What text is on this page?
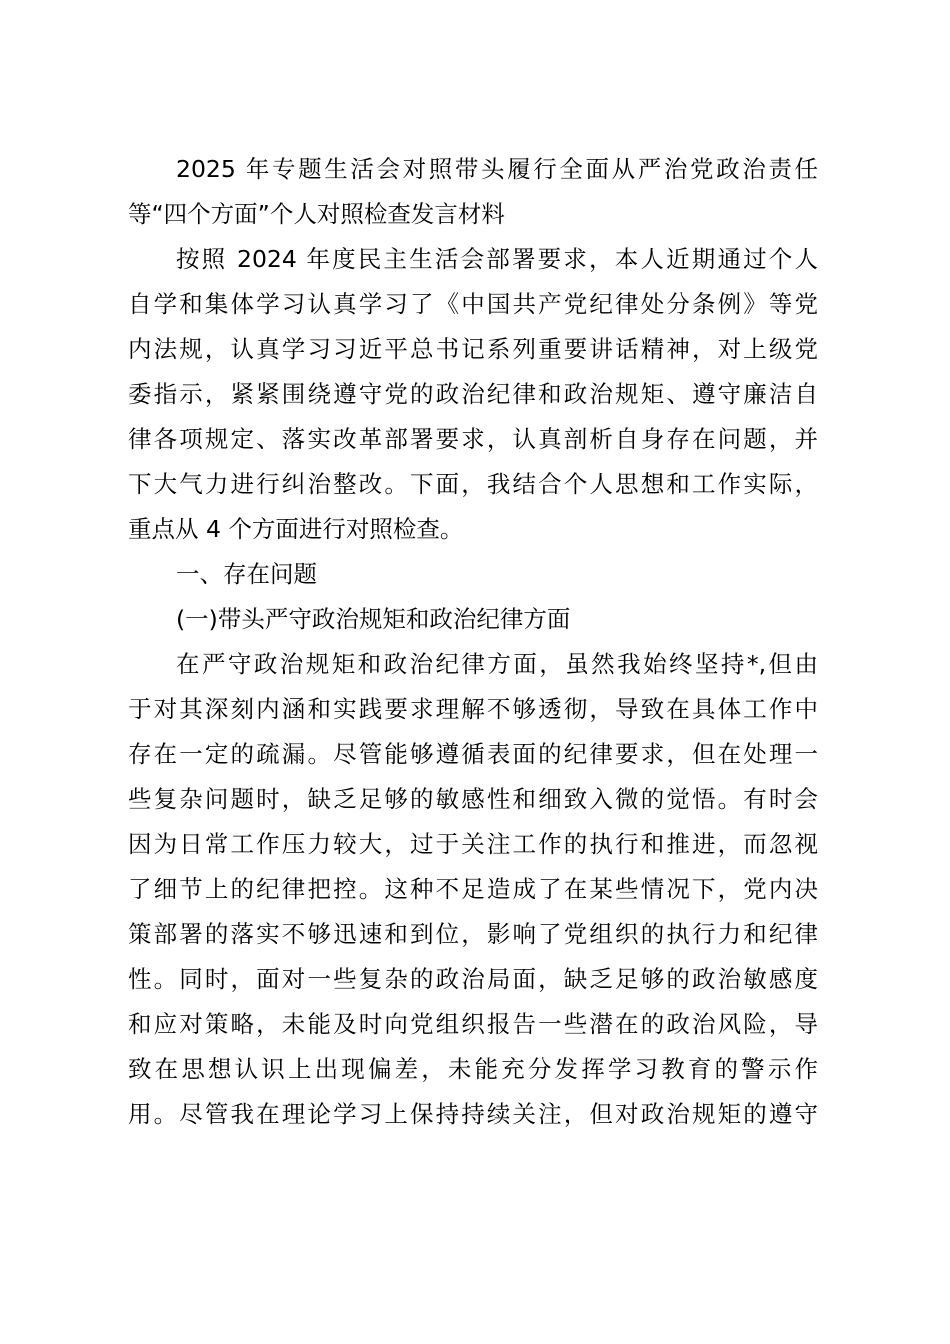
2025 年专题生活会对照带头履行全面从严治党政治责任
等“四个方面”个人对照检查发言材料
按照 2024 年度民主生活会部署要求，本人近期通过个人
自学和集体学习认真学习了《中国共产党纪律处分条例》等党
内法规，认真学习习近平总书记系列重要讲话精神，对上级党
委指示，紧紧围绕遵守党的政治纪律和政治规矩、遵守廉洁自
律各项规定、落实改革部署要求，认真剖析自身存在问题，并
下大气力进行纠治整改。下面，我结合个人思想和工作实际，
重点从 4 个方面进行对照检查。
一、存在问题
(一)带头严守政治规矩和政治纪律方面
在严守政治规矩和政治纪律方面，虽然我始终坚持*,但由
于对其深刻内涵和实践要求理解不够透彻，导致在具体工作中
存在一定的疏漏。尽管能够遵循表面的纪律要求，但在处理一
些复杂问题时，缺乏足够的敏感性和细致入微的觉悟。有时会
因为日常工作压力较大，过于关注工作的执行和推进，而忽视
了细节上的纪律把控。这种不足造成了在某些情况下，党内决
策部署的落实不够迅速和到位，影响了党组织的执行力和纪律
性。同时，面对一些复杂的政治局面，缺乏足够的政治敏感度
和应对策略，未能及时向党组织报告一些潜在的政治风险，导
致在思想认识上出现偏差，未能充分发挥学习教育的警示作
用。尽管我在理论学习上保持持续关注，但对政治规矩的遵守
